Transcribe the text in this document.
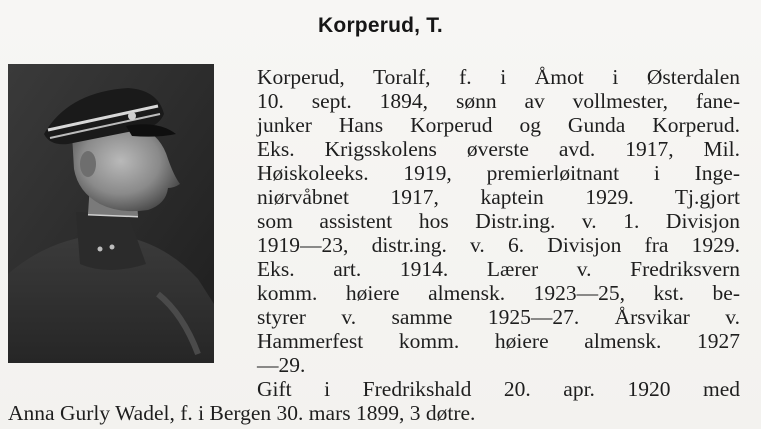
Korperud, T.
Korperud, Toralf, f. i Åmot i Østerdalen
10. sept. 1894, sønn av vollmester, fane-
junker Hans Korperud og Gunda Korperud.
Eks. Krigsskolens øverste avd. 1917, Mil.
Høiskoleeks. 1919, premierløitnant i Inge-
niørvåbnet 1917, kaptein 1929. Tj.gjort
som assistent hos Distr.ing. v. 1. Divisjon
1919—23, distr.ing. v. 6. Divisjon fra 1929.
Eks. art. 1914. Lærer v. Fredriksvern
komm. høiere almensk. 1923—25, kst. be-
styrer v. samme 1925—27. Årsvikar v.
Hammerfest komm. høiere almensk. 1927
—29.
Gift i Fredrikshald 20. apr. 1920 med
Anna Gurly Wadel, f. i Bergen 30. mars 1899, 3 døtre.
